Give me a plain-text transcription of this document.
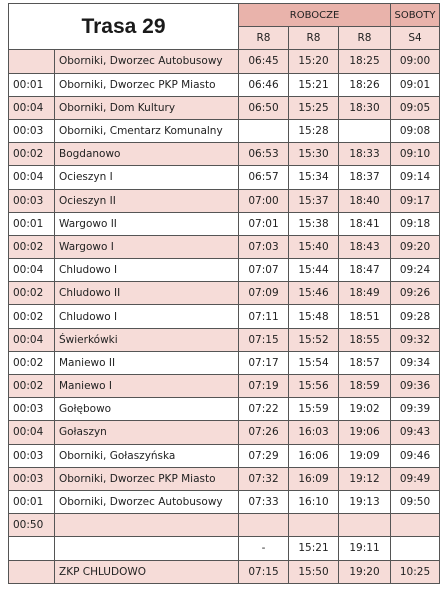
Trasa 29		ROBOCZE			SOBOTY
		R8	R8	R8	S4
	Oborniki, Dworzec Autobusowy	06:45	15:20	18:25	09:00
00:01	Oborniki, Dworzec PKP Miasto	06:46	15:21	18:26	09:01
00:04	Oborniki, Dom Kultury	06:50	15:25	18:30	09:05
00:03	Oborniki, Cmentarz Komunalny		15:28		09:08
00:02	Bogdanowo	06:53	15:30	18:33	09:10
00:04	Ocieszyn I	06:57	15:34	18:37	09:14
00:03	Ocieszyn II	07:00	15:37	18:40	09:17
00:01	Wargowo II	07:01	15:38	18:41	09:18
00:02	Wargowo I	07:03	15:40	18:43	09:20
00:04	Chludowo I	07:07	15:44	18:47	09:24
00:02	Chludowo II	07:09	15:46	18:49	09:26
00:02	Chludowo I	07:11	15:48	18:51	09:28
00:04	Świerkówki	07:15	15:52	18:55	09:32
00:02	Maniewo II	07:17	15:54	18:57	09:34
00:02	Maniewo I	07:19	15:56	18:59	09:36
00:03	Gołębowo	07:22	15:59	19:02	09:39
00:04	Gołaszyn	07:26	16:03	19:06	09:43
00:03	Oborniki, Gołaszyńska	07:29	16:06	19:09	09:46
00:03	Oborniki, Dworzec PKP Miasto	07:32	16:09	19:12	09:49
00:01	Oborniki, Dworzec Autobusowy	07:33	16:10	19:13	09:50
00:50					
		-	15:21	19:11	
	ZKP CHLUDOWO	07:15	15:50	19:20	10:25
